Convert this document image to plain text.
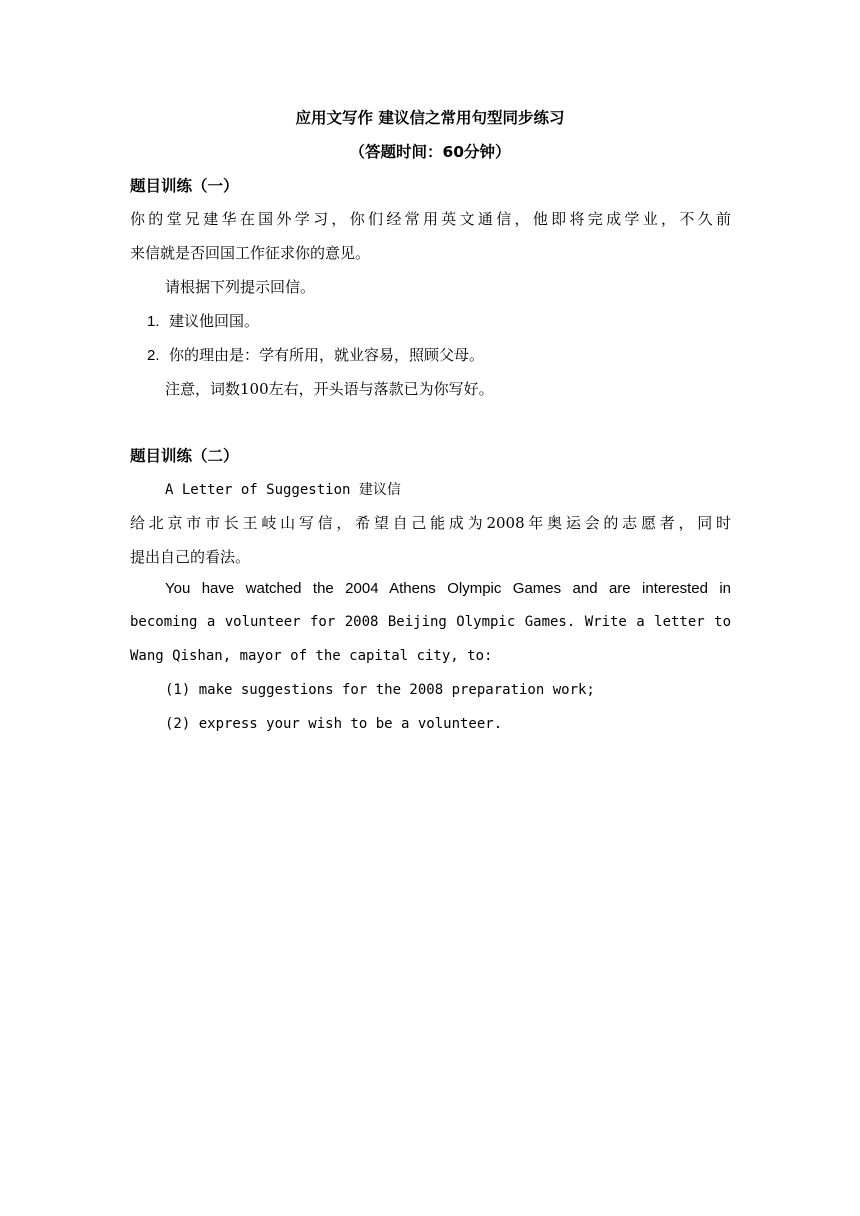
应用文写作 建议信之常用句型同步练习
（答题时间：60分钟）
题目训练（一）
你的堂兄建华在国外学习，你们经常用英文通信，他即将完成学业，不久前
来信就是否回国工作征求你的意见。
请根据下列提示回信。
1. 建议他回国。
2. 你的理由是：学有所用，就业容易，照顾父母。
注意，词数100左右，开头语与落款已为你写好。
题目训练（二）
A Letter of Suggestion 建议信
给北京市市长王岐山写信，希望自己能成为2008年奥运会的志愿者，同时
提出自己的看法。
You have watched the 2004 Athens Olympic Games and are interested in
becoming a volunteer for 2008 Beijing Olympic Games. Write a letter to
Wang Qishan, mayor of the capital city, to:
(1) make suggestions for the 2008 preparation work;
(2) express your wish to be a volunteer.
